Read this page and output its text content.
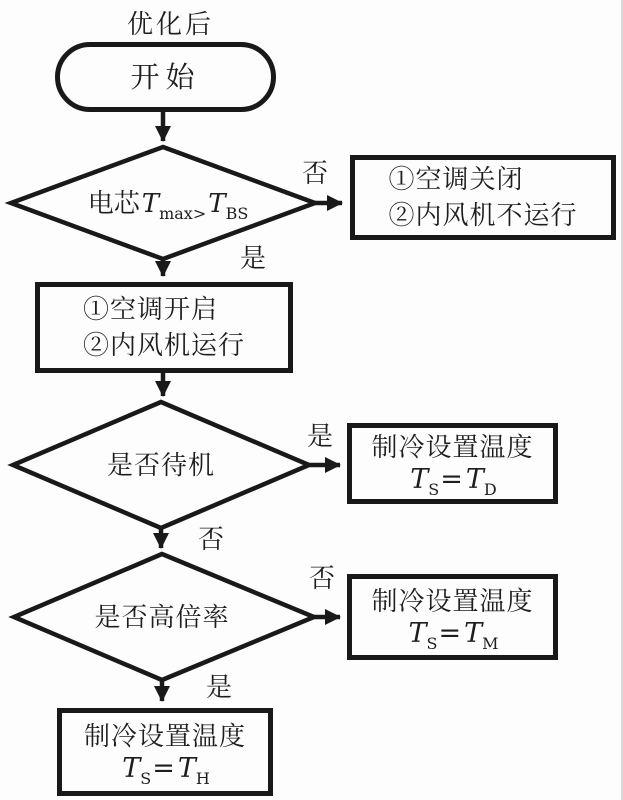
优化后
开始
电芯 T max> T BS
否
是
①空调关闭
②内风机不运行
①空调开启
②内风机运行
是否待机
是
否
制冷设置温度
T S = T D
是否高倍率
否
是
制冷设置温度
T S = T M
制冷设置温度
T S = T H
